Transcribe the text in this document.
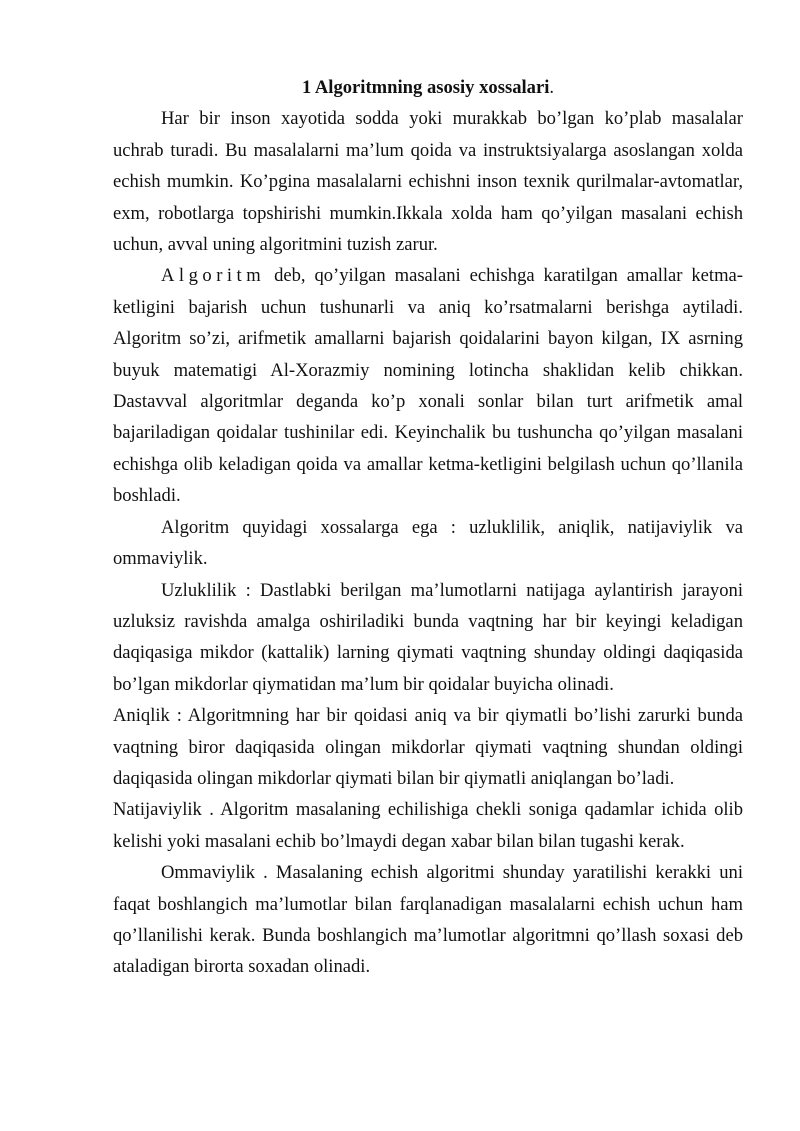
1 Algoritmning asosiy xossalari.

Har bir inson xayotida sodda yoki murakkab bo’lgan ko’plab masalalar uchrab turadi. Bu masalalarni ma’lum qoida va instruktsiyalarga asoslangan xolda echish mumkin. Ko’pgina masalalarni echishni inson texnik qurilmalar-avtomatlar, exm, robotlarga topshirishi mumkin.Ikkala xolda ham qo’yilgan masalani echish uchun, avval uning algoritmini tuzish zarur.

Algoritm deb, qo’yilgan masalani echishga karatilgan amallar ketma-ketligini bajarish uchun tushunarli va aniq ko’rsatmalarni berishga aytiladi. Algoritm so’zi, arifmetik amallarni bajarish qoidalarini bayon kilgan, IX asrning buyuk matematigi Al-Xorazmiy nomining lotincha shaklidan kelib chikkan. Dastavval algoritmlar deganda ko’p xonali sonlar bilan turt arifmetik amal bajariladigan qoidalar tushinilar edi. Keyinchalik bu tushuncha qo’yilgan masalani echishga olib keladigan qoida va amallar ketma-ketligini belgilash uchun qo’llanila boshladi.

Algoritm quyidagi xossalarga ega : uzluklilik, aniqlik, natijaviylik va ommaviylik.

Uzluklilik : Dastlabki berilgan ma’lumotlarni natijaga aylantirish jarayoni uzluksiz ravishda amalga oshiriladiki bunda vaqtning har bir keyingi keladigan daqiqasiga mikdor (kattalik) larning qiymati vaqtning shunday oldingi daqiqasida bo’lgan mikdorlar qiymatidan ma’lum bir qoidalar buyicha olinadi.

Aniqlik : Algoritmning har bir qoidasi aniq va bir qiymatli bo’lishi zarurki bunda vaqtning biror daqiqasida olingan mikdorlar qiymati vaqtning shundan oldingi daqiqasida olingan mikdorlar qiymati bilan bir qiymatli aniqlangan bo’ladi.

Natijaviylik . Algoritm masalaning echilishiga chekli soniga qadamlar ichida olib kelishi yoki masalani echib bo’lmaydi degan xabar bilan bilan tugashi kerak.

Ommaviylik . Masalaning echish algoritmi shunday yaratilishi kerakki uni faqat boshlangich ma’lumotlar bilan farqlanadigan masalalarni echish uchun ham qo’llanilishi kerak. Bunda boshlangich ma’lumotlar algoritmni qo’llash soxasi deb ataladigan birorta soxadan olinadi.
